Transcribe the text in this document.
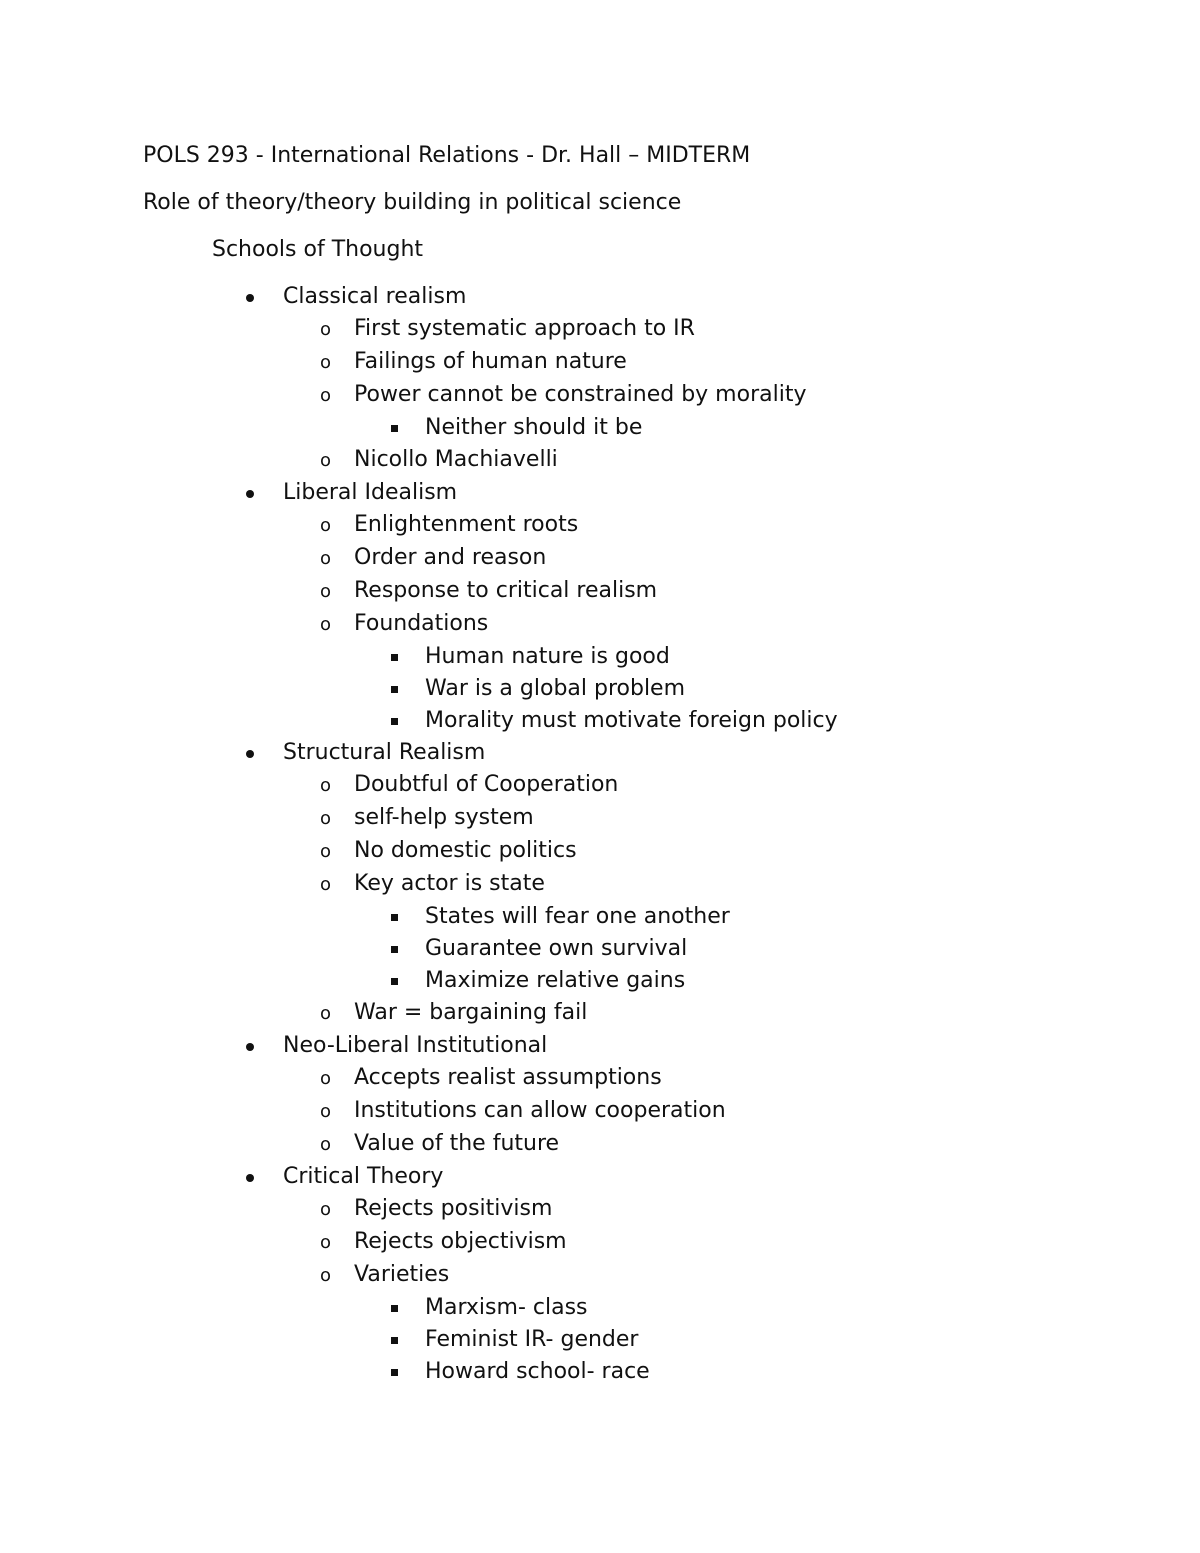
POLS 293 - International Relations - Dr. Hall – MIDTERM
Role of theory/theory building in political science
Schools of Thought
Classical realism
o First systematic approach to IR
o Failings of human nature
o Power cannot be constrained by morality
Neither should it be
o Nicollo Machiavelli
Liberal Idealism
o Enlightenment roots
o Order and reason
o Response to critical realism
o Foundations
Human nature is good
War is a global problem
Morality must motivate foreign policy
Structural Realism
o Doubtful of Cooperation
o self-help system
o No domestic politics
o Key actor is state
States will fear one another
Guarantee own survival
Maximize relative gains
o War = bargaining fail
Neo-Liberal Institutional
o Accepts realist assumptions
o Institutions can allow cooperation
o Value of the future
Critical Theory
o Rejects positivism
o Rejects objectivism
o Varieties
Marxism- class
Feminist IR- gender
Howard school- race
